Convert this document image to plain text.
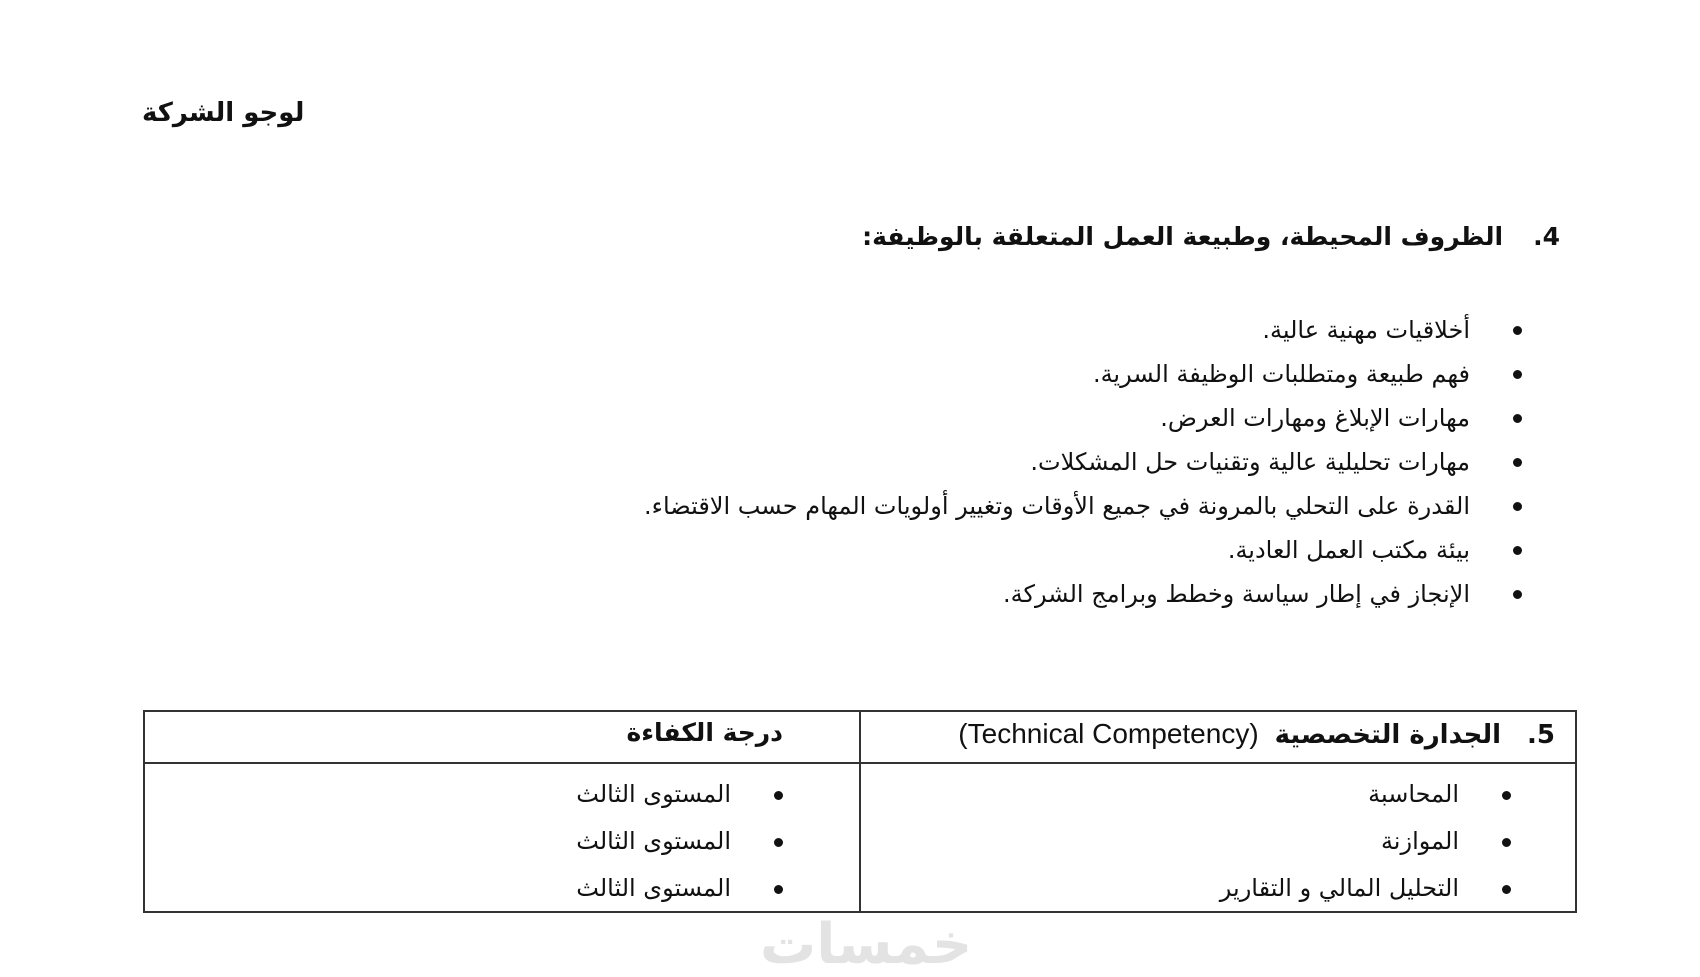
لوجو الشركة
4.الظروف المحيطة، وطبيعة العمل المتعلقة بالوظيفة:
أخلاقيات مهنية عالية.
فهم طبيعة ومتطلبات الوظيفة السرية.
مهارات الإبلاغ ومهارات العرض.
مهارات تحليلية عالية وتقنيات حل المشكلات.
القدرة على التحلي بالمرونة في جميع الأوقات وتغيير أولويات المهام حسب الاقتضاء.
بيئة مكتب العمل العادية.
الإنجاز في إطار سياسة وخطط وبرامج الشركة.
5.الجدارة التخصصية(Technical Competency)
درجة الكفاءة
المحاسبة
الموازنة
التحليل المالي و التقارير
المستوى الثالث
المستوى الثالث
المستوى الثالث
خمسات
